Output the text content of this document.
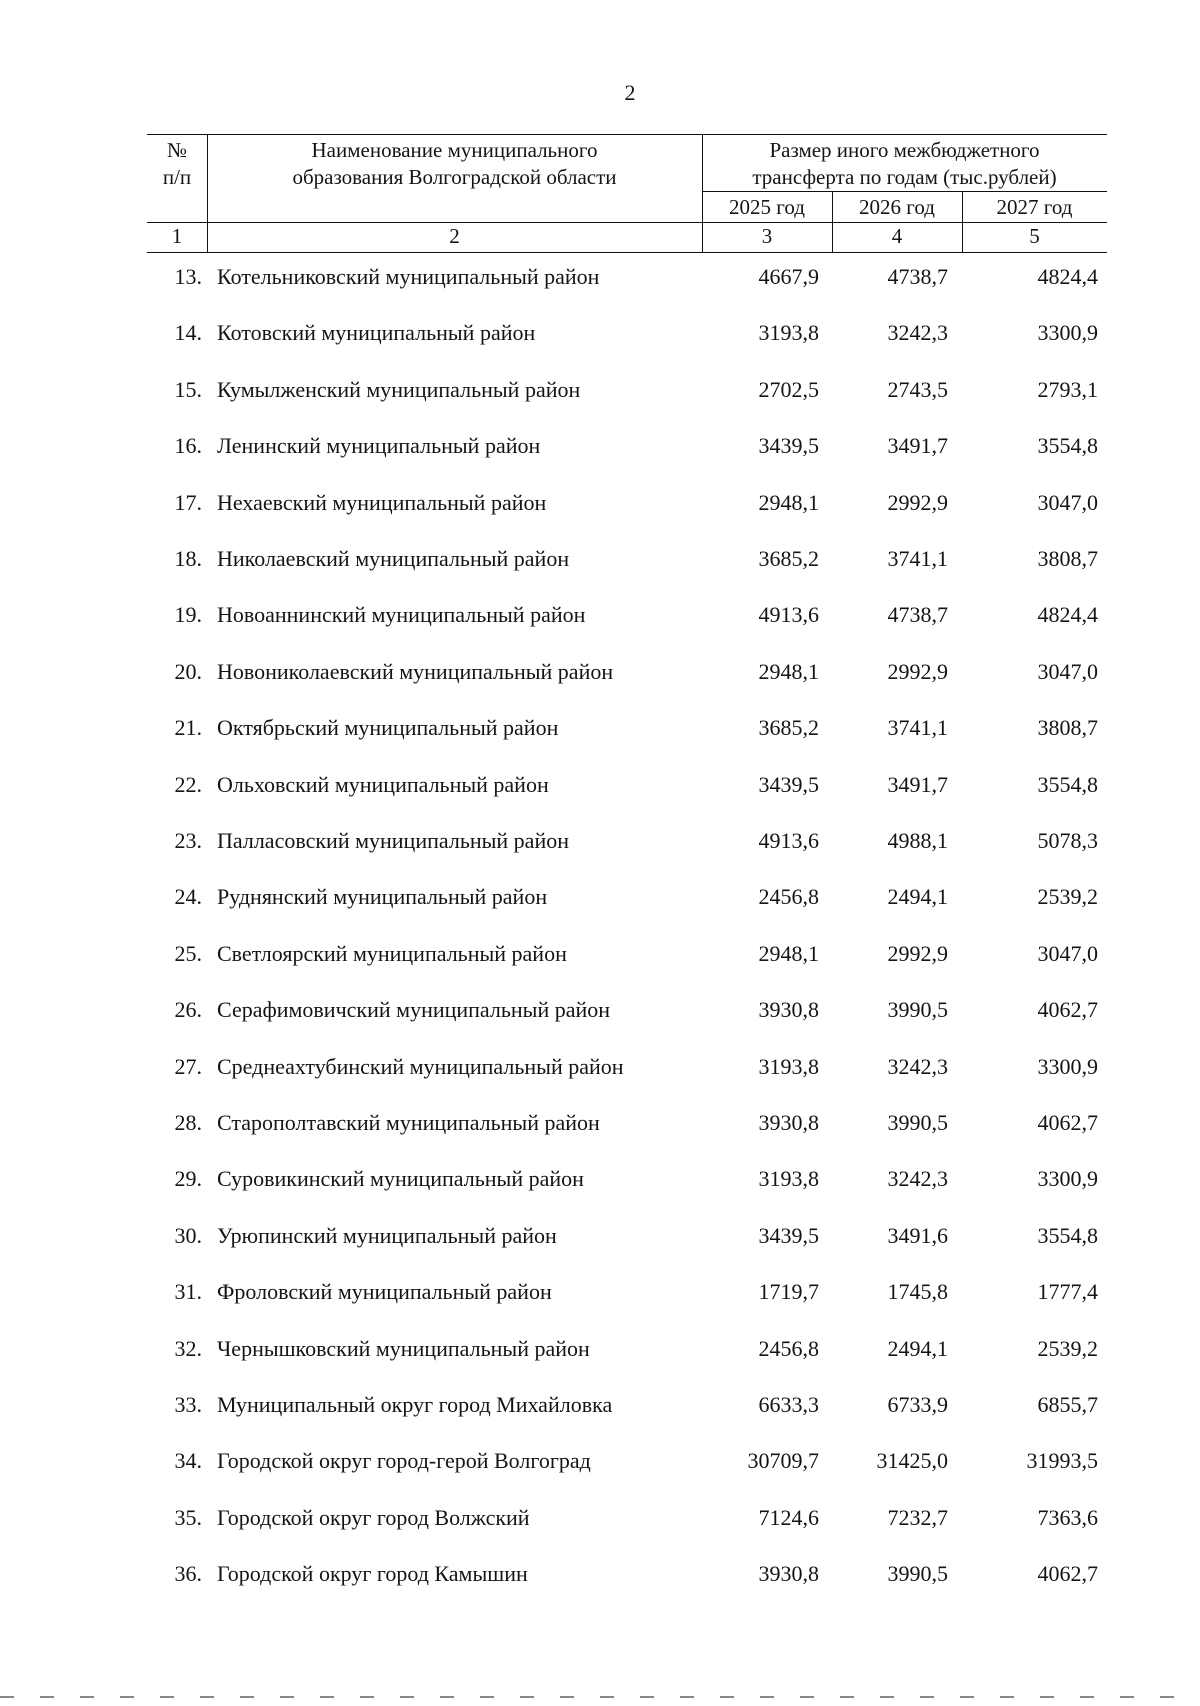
2
№
п/п
Наименование муниципального
образования Волгоградской области
Размер иного межбюджетного
трансферта по годам (тыс.рублей)
2025 год	2026 год	2027 год
1	2	3	4	5
13. Котельниковский муниципальный район	4667,9	4738,7	4824,4
14. Котовский муниципальный район	3193,8	3242,3	3300,9
15. Кумылженский муниципальный район	2702,5	2743,5	2793,1
16. Ленинский муниципальный район	3439,5	3491,7	3554,8
17. Нехаевский муниципальный район	2948,1	2992,9	3047,0
18. Николаевский муниципальный район	3685,2	3741,1	3808,7
19. Новоаннинский муниципальный район	4913,6	4738,7	4824,4
20. Новониколаевский муниципальный район	2948,1	2992,9	3047,0
21. Октябрьский муниципальный район	3685,2	3741,1	3808,7
22. Ольховский муниципальный район	3439,5	3491,7	3554,8
23. Палласовский муниципальный район	4913,6	4988,1	5078,3
24. Руднянский муниципальный район	2456,8	2494,1	2539,2
25. Светлоярский муниципальный район	2948,1	2992,9	3047,0
26. Серафимовичский муниципальный район	3930,8	3990,5	4062,7
27. Среднеахтубинский муниципальный район	3193,8	3242,3	3300,9
28. Старополтавский муниципальный район	3930,8	3990,5	4062,7
29. Суровикинский муниципальный район	3193,8	3242,3	3300,9
30. Урюпинский муниципальный район	3439,5	3491,6	3554,8
31. Фроловский муниципальный район	1719,7	1745,8	1777,4
32. Чернышковский муниципальный район	2456,8	2494,1	2539,2
33. Муниципальный округ город Михайловка	6633,3	6733,9	6855,7
34. Городской округ город-герой Волгоград	30709,7	31425,0	31993,5
35. Городской округ город Волжский	7124,6	7232,7	7363,6
36. Городской округ город Камышин	3930,8	3990,5	4062,7
